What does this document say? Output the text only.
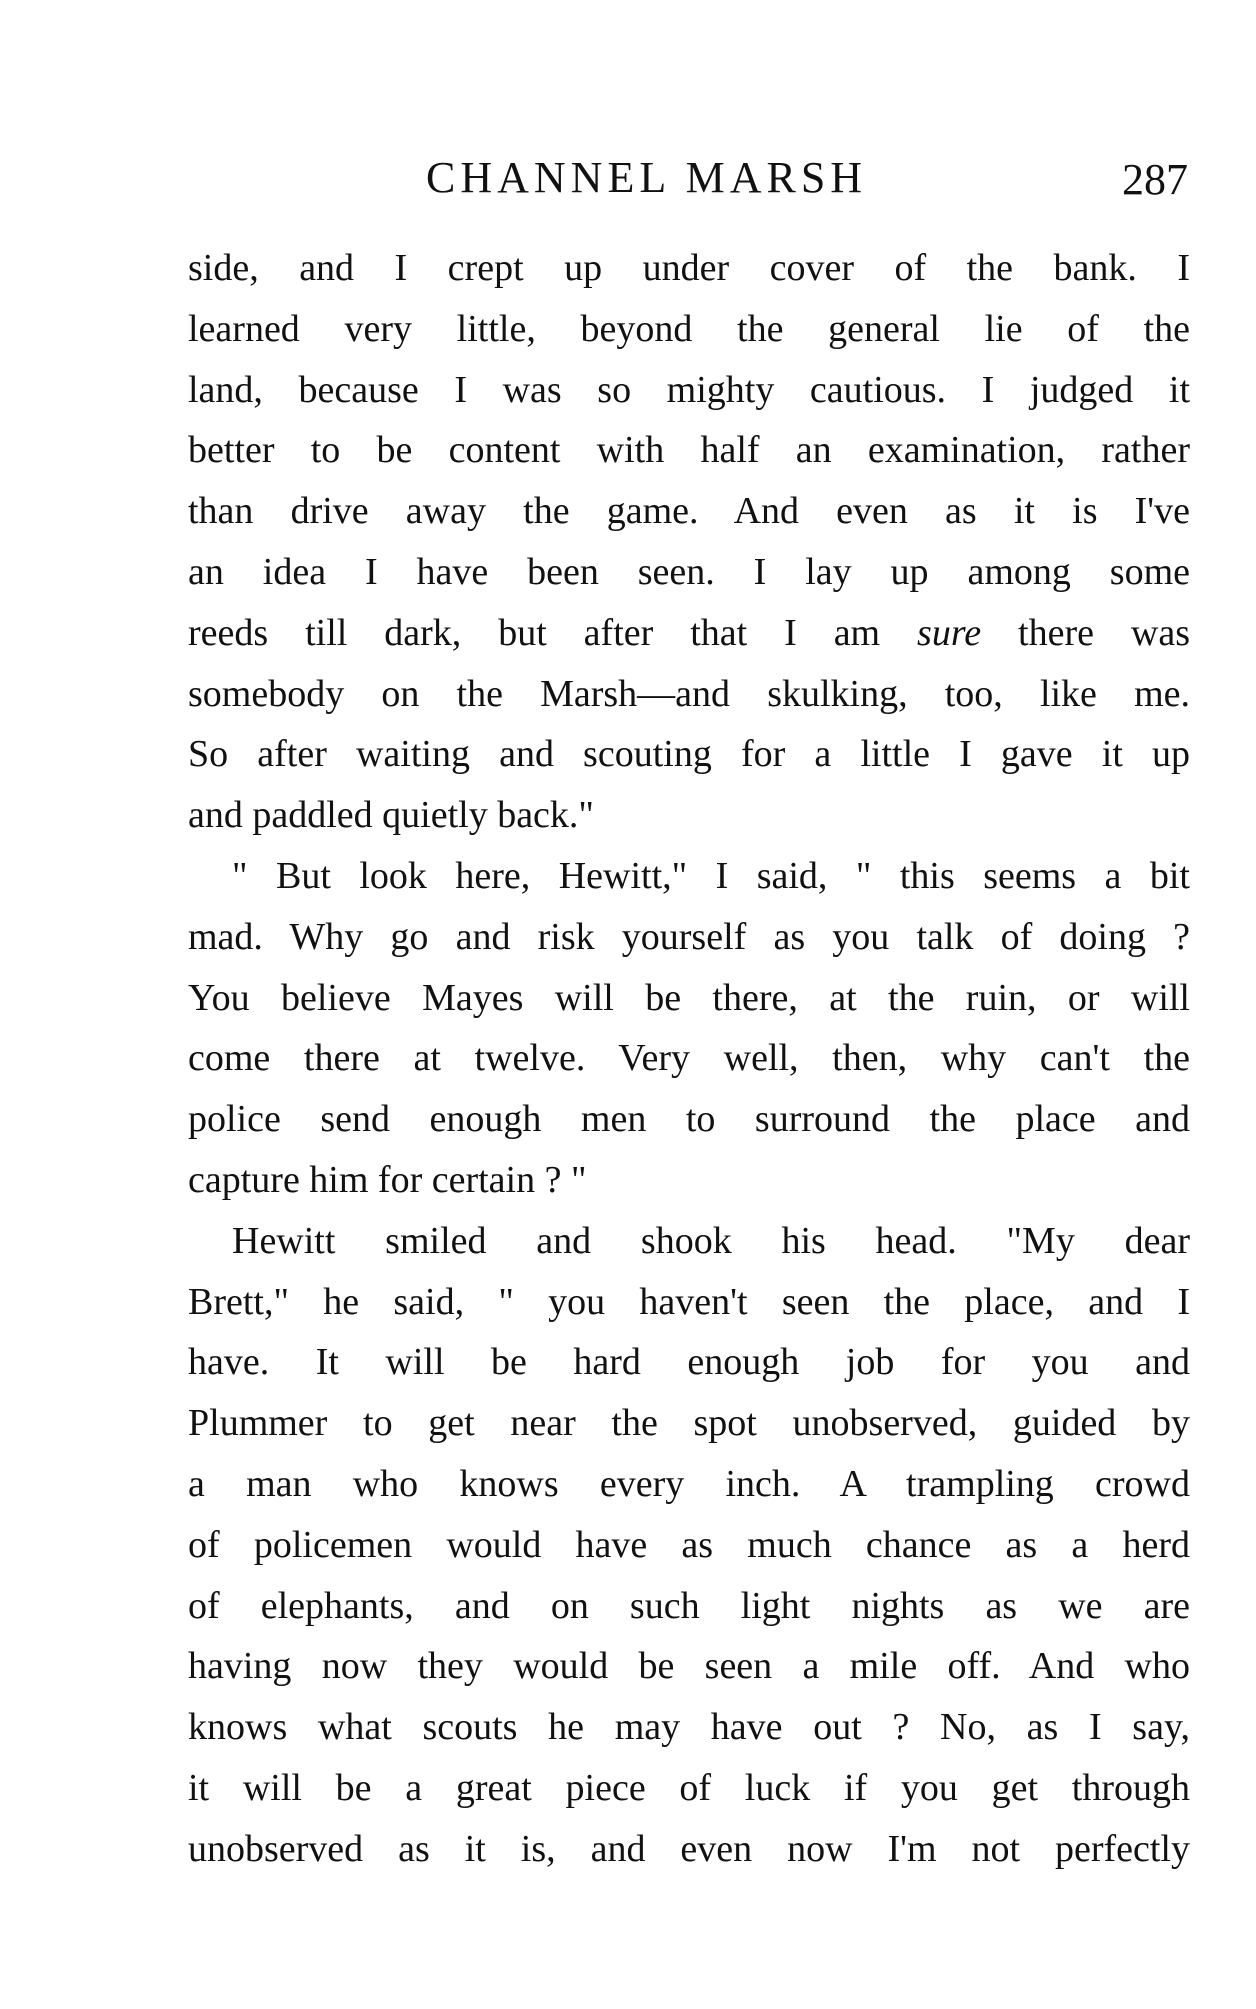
CHANNEL MARSH	287
side, and I crept up under cover of the bank. I
learned very little, beyond the general lie of the
land, because I was so mighty cautious. I judged it
better to be content with half an examination, rather
than drive away the game. And even as it is I've
an idea I have been seen. I lay up among some
reeds till dark, but after that I am sure there was
somebody on the Marsh—and skulking, too, like me.
So after waiting and scouting for a little I gave it up
and paddled quietly back."
" But look here, Hewitt," I said, " this seems a bit
mad. Why go and risk yourself as you talk of doing ?
You believe Mayes will be there, at the ruin, or will
come there at twelve. Very well, then, why can't the
police send enough men to surround the place and
capture him for certain ? "
Hewitt smiled and shook his head. "My dear
Brett," he said, " you haven't seen the place, and I
have. It will be hard enough job for you and
Plummer to get near the spot unobserved, guided by
a man who knows every inch. A trampling crowd
of policemen would have as much chance as a herd
of elephants, and on such light nights as we are
having now they would be seen a mile off. And who
knows what scouts he may have out ? No, as I say,
it will be a great piece of luck if you get through
unobserved as it is, and even now I'm not perfectly
